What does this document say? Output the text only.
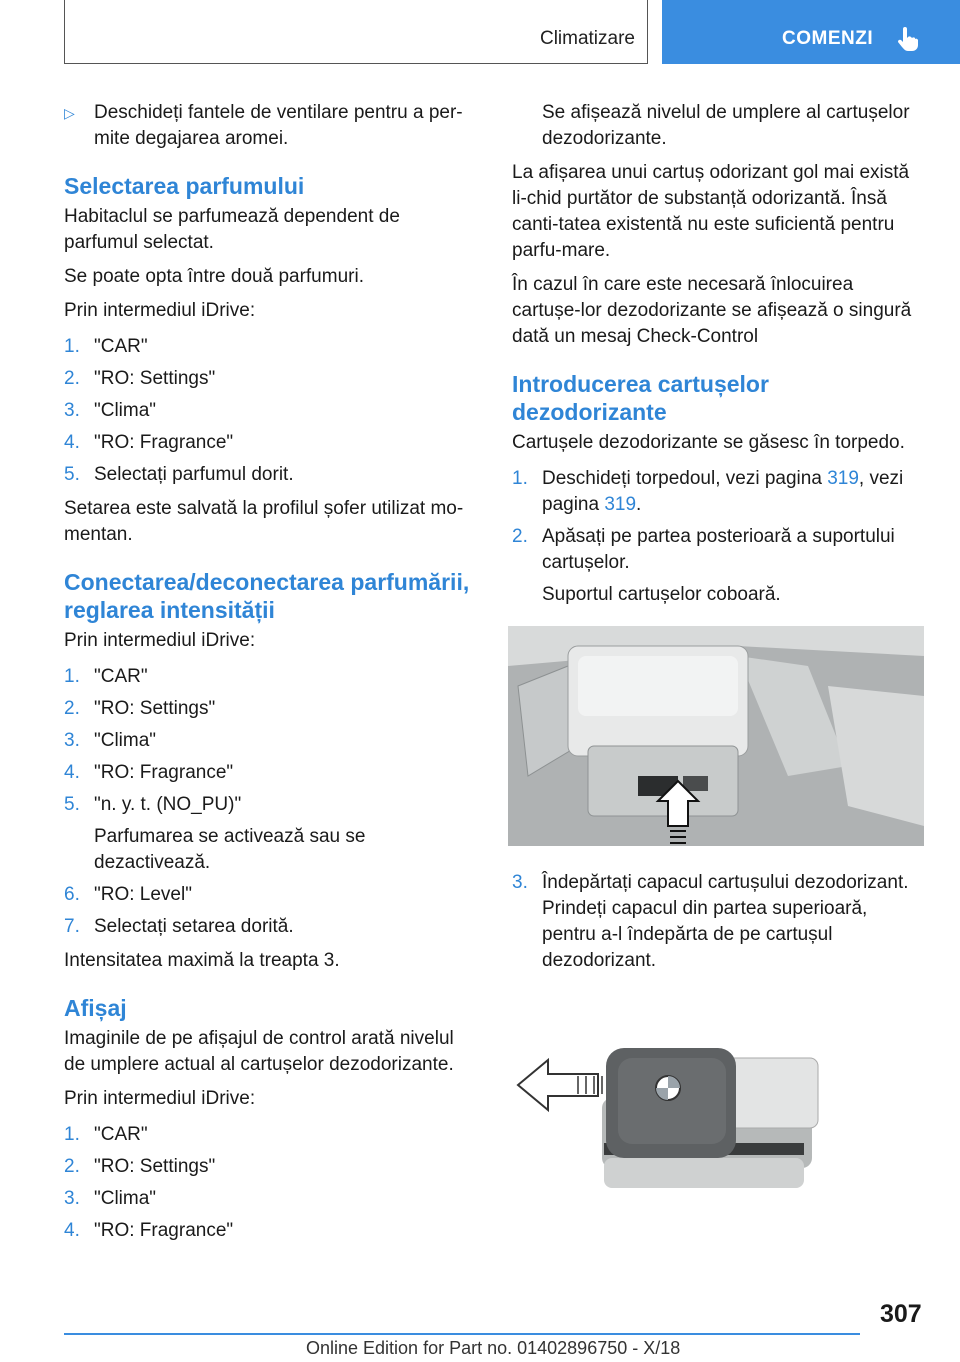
Climatizare	COMENZI
▷	Deschideți fantele de ventilare pentru a per-mite degajarea aromei.
Selectarea parfumului

Habitaclul se parfumează dependent de parfumul selectat.

Se poate opta între două parfumuri.

Prin intermediul iDrive:

1. "CAR"
2. "RO: Settings"
3. "Clima"
4. "RO: Fragrance"
5. Selectați parfumul dorit.

Setarea este salvată la profilul șofer utilizat mo-mentan.

Conectarea/deconectarea parfumării, reglarea intensității

Prin intermediul iDrive:

1. "CAR"
2. "RO: Settings"
3. "Clima"
4. "RO: Fragrance"
5. "n. y. t. (NO_PU)"
Parfumarea se activează sau se dezactivează.
6. "RO: Level"
7. Selectați setarea dorită.

Intensitatea maximă la treapta 3.

Afișaj

Imaginile de pe afișajul de control arată nivelul de umplere actual al cartușelor dezodorizante.

Prin intermediul iDrive:

1. "CAR"
2. "RO: Settings"
3. "Clima"
4. "RO: Fragrance"

Se afișează nivelul de umplere al cartușelor dezodorizante.

La afișarea unui cartuș odorizant gol mai există li-chid purtător de substanță odorizantă. Însă canti-tatea existentă nu este suficientă pentru parfu-mare.

În cazul în care este necesară înlocuirea cartușe-lor dezodorizante se afișează o singură dată un mesaj Check-Control

Introducerea cartușelor dezodorizante

Cartușele dezodorizante se găsesc în torpedo.

1. Deschideți torpedoul, vezi pagina 319, vezi pagina 319.
2. Apăsați pe partea posterioară a suportului cartușelor.
Suportul cartușelor coboară.
3. Îndepărtați capacul cartușului dezodorizant. Prindeți capacul din partea superioară, pentru a-l îndepărta de pe cartușul dezodorizant.
307
Online Edition for Part no. 01402896750 - X/18
